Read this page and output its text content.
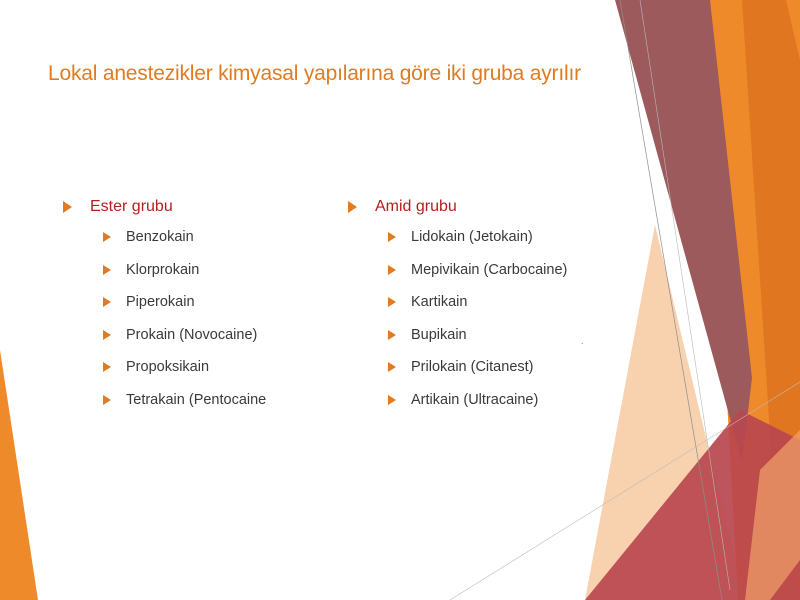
Lokal anestezikler kimyasal yapılarına göre iki gruba ayrılır
Ester grubu
Benzokain
Klorprokain
Piperokain
Prokain (Novocaine)
Propoksikain
Tetrakain (Pentocaine
Amid grubu
Lidokain (Jetokain)
Mepivikain (Carbocaine)
Kartikain
Bupikain
Prilokain (Citanest)
Artikain (Ultracaine)
.
